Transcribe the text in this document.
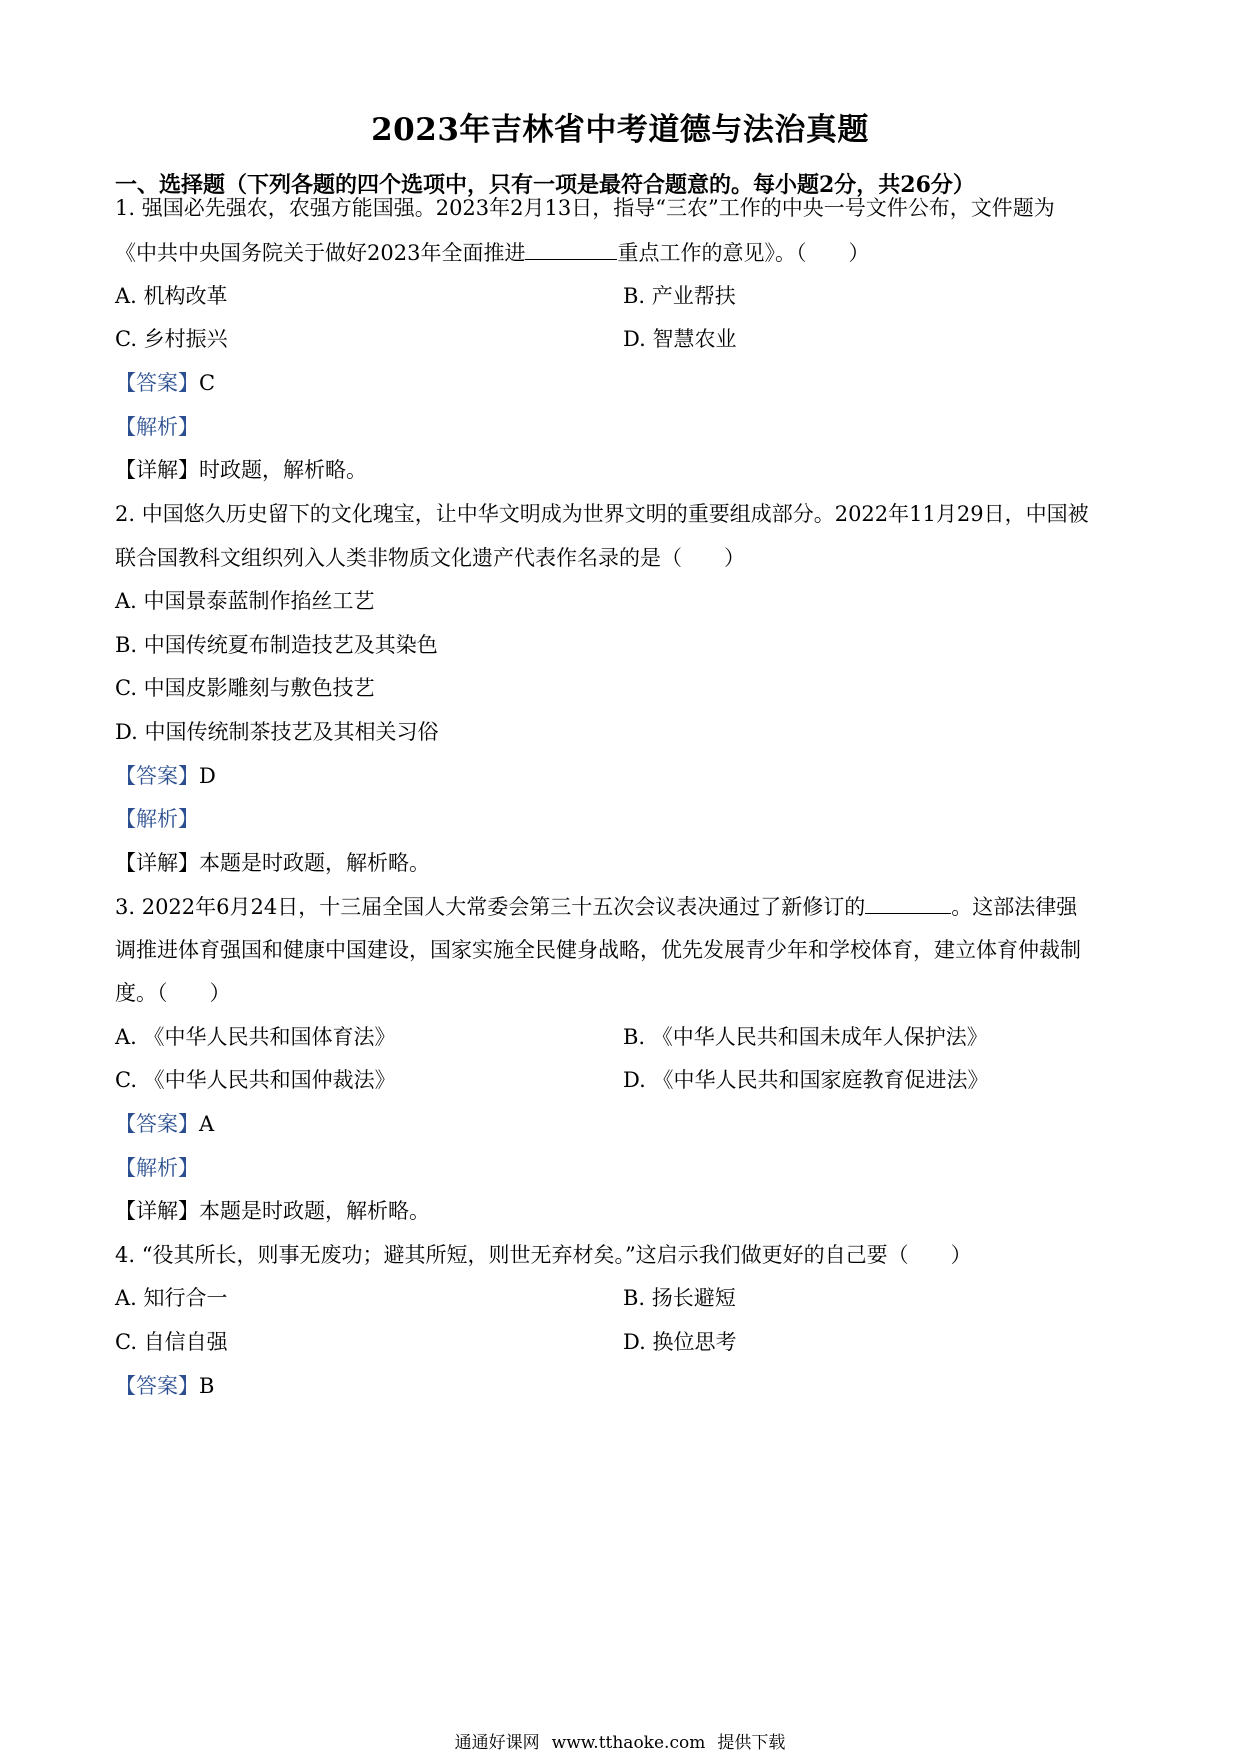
2023年吉林省中考道德与法治真题
一、选择题（下列各题的四个选项中，只有一项是最符合题意的。每小题2分，共26分）
1. 强国必先强农，农强方能国强。2023年2月13日，指导“三农”工作的中央一号文件公布，文件题为
《中共中央国务院关于做好2023年全面推进	重点工作的意见》。（　　）
A. 机构改革	B. 产业帮扶
C. 乡村振兴	D. 智慧农业
【答案】C
【解析】
【详解】时政题，解析略。
2. 中国悠久历史留下的文化瑰宝，让中华文明成为世界文明的重要组成部分。2022年11月29日，中国被
联合国教科文组织列入人类非物质文化遗产代表作名录的是（　　）
A. 中国景泰蓝制作掐丝工艺
B. 中国传统夏布制造技艺及其染色
C. 中国皮影雕刻与敷色技艺
D. 中国传统制茶技艺及其相关习俗
【答案】D
【解析】
【详解】本题是时政题，解析略。
3. 2022年6月24日，十三届全国人大常委会第三十五次会议表决通过了新修订的	。这部法律强
调推进体育强国和健康中国建设，国家实施全民健身战略，优先发展青少年和学校体育，建立体育仲裁制
度。（　　）
A. 《中华人民共和国体育法》	B. 《中华人民共和国未成年人保护法》
C. 《中华人民共和国仲裁法》	D. 《中华人民共和国家庭教育促进法》
【答案】A
【解析】
【详解】本题是时政题，解析略。
4. “役其所长，则事无废功；避其所短，则世无弃材矣。”这启示我们做更好的自己要（　　）
A. 知行合一	B. 扬长避短
C. 自信自强	D. 换位思考
【答案】B
通通好课网 www.tthaoke.com 提供下载
